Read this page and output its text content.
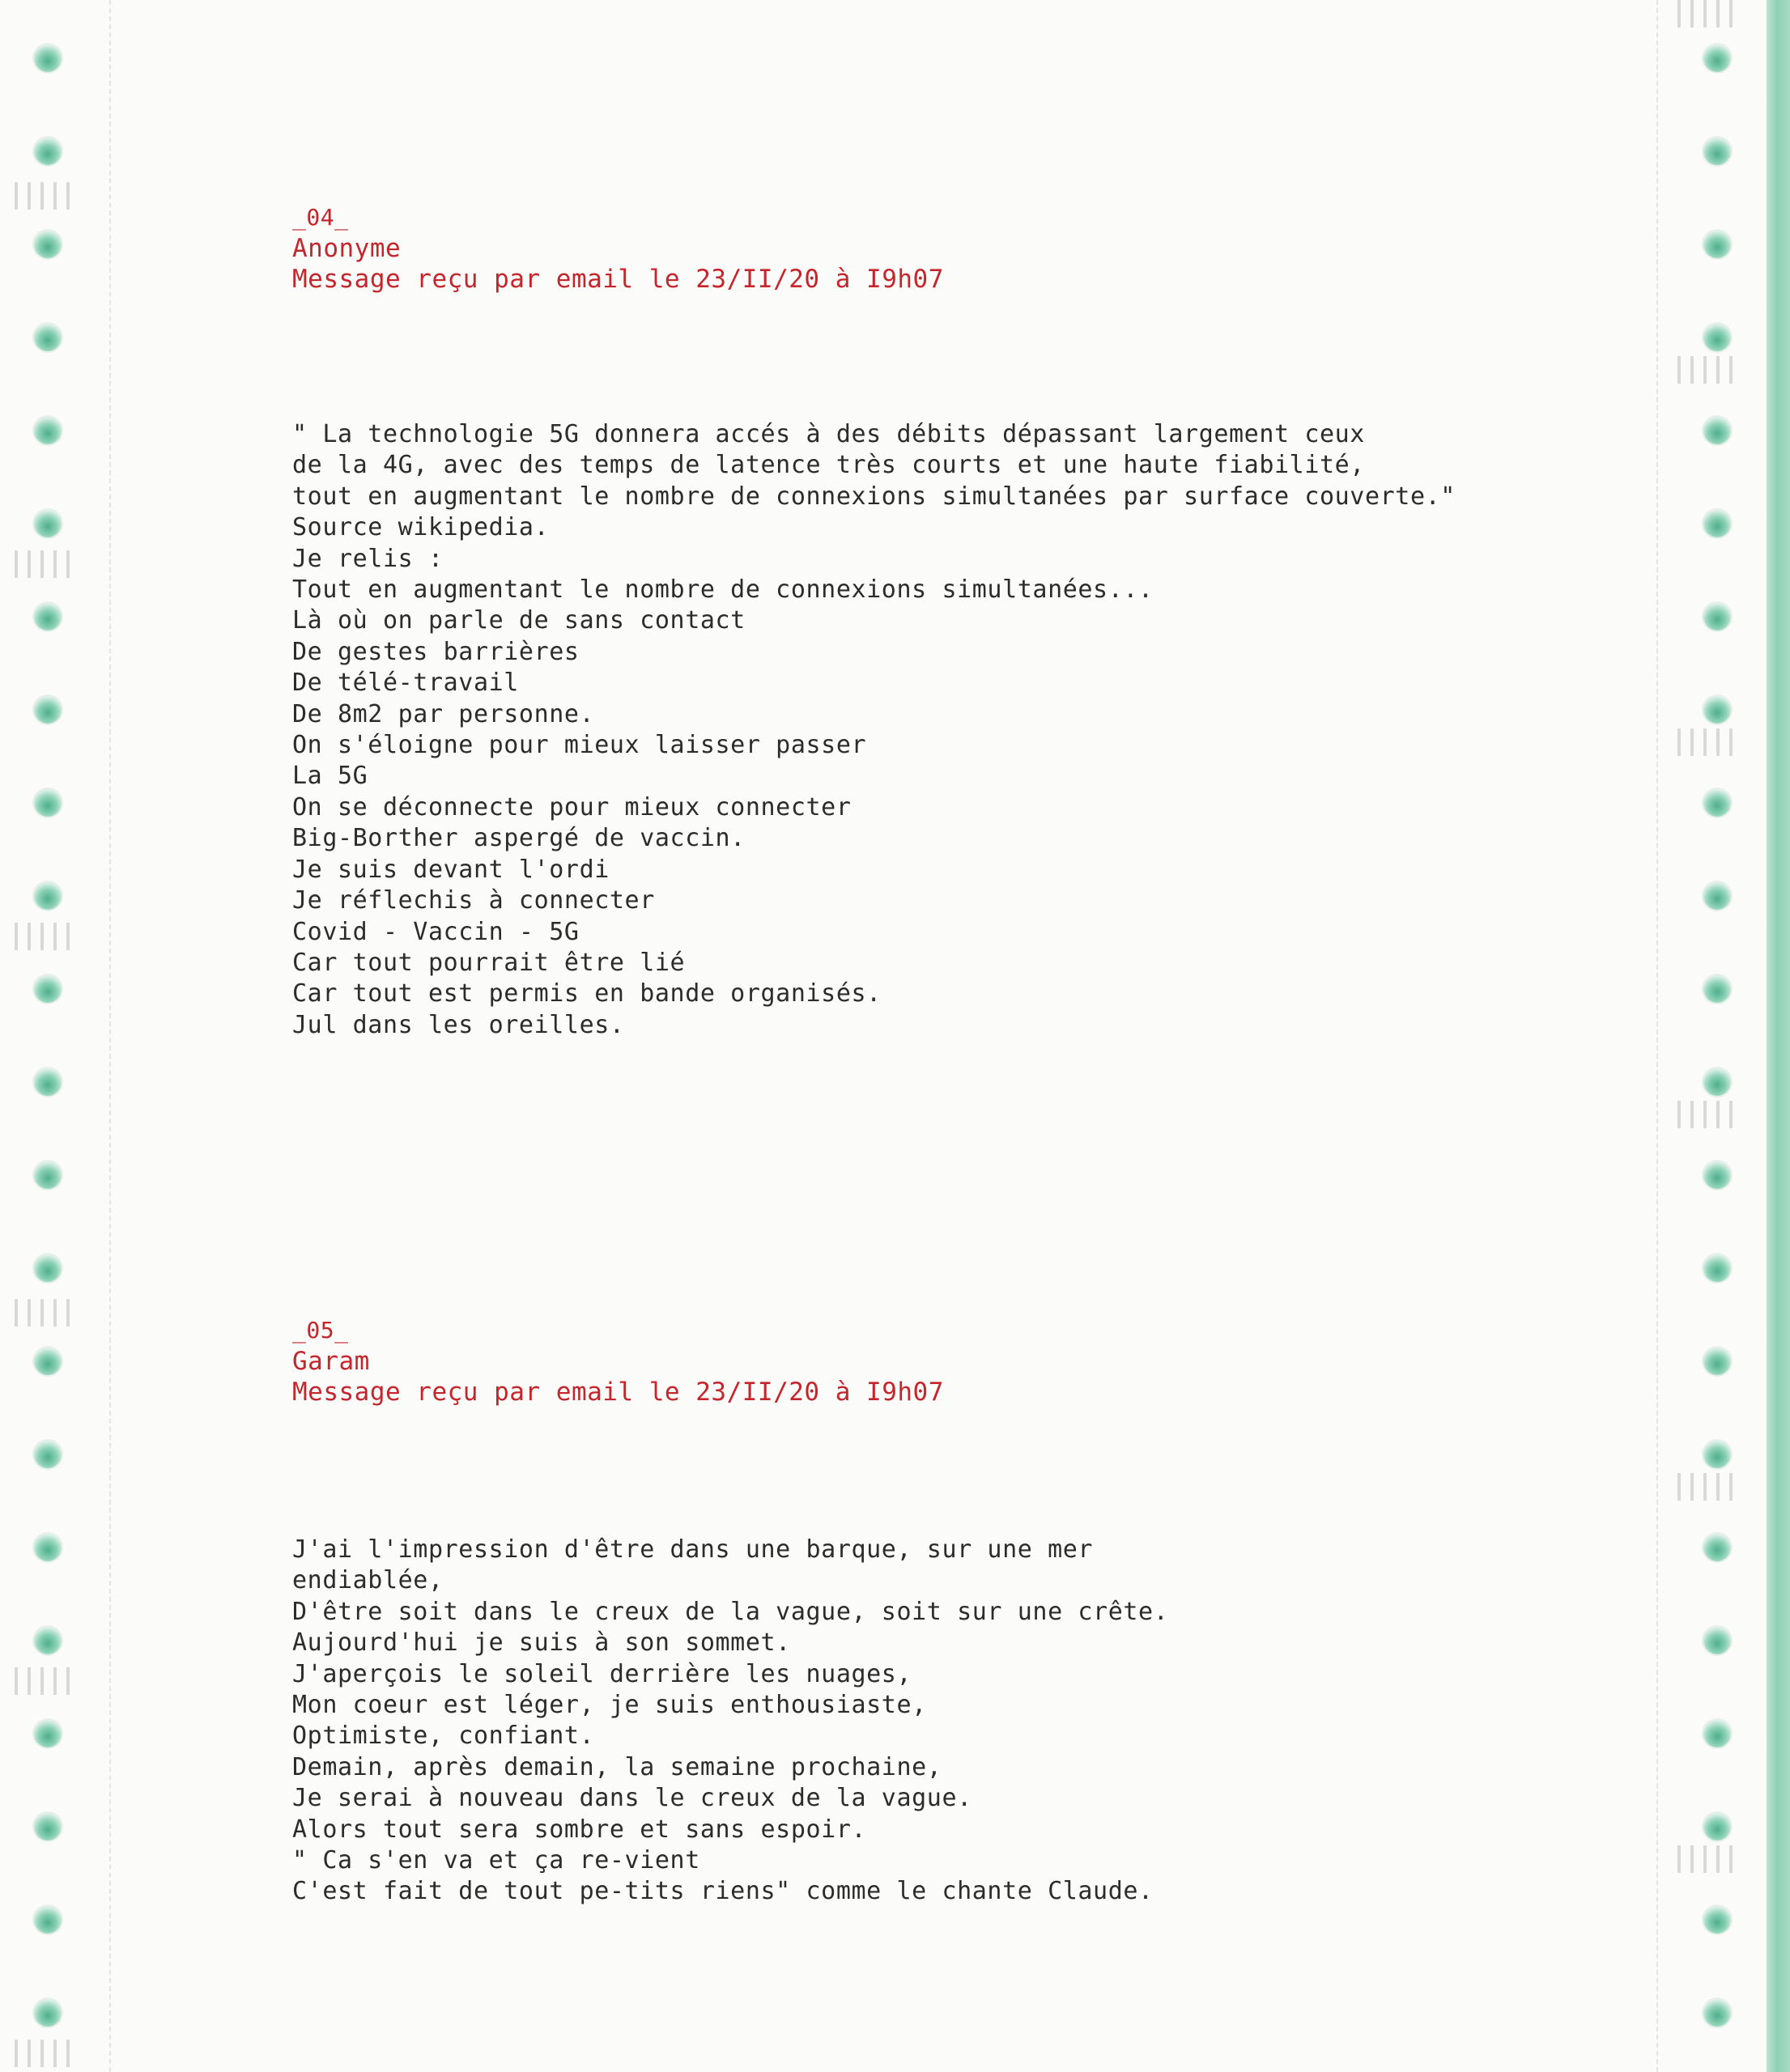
_04_
Anonyme
Message reçu par email le 23/II/20 à I9h07
" La technologie 5G donnera accés à des débits dépassant largement ceux
de la 4G, avec des temps de latence très courts et une haute fiabilité,
tout en augmentant le nombre de connexions simultanées par surface couverte."
Source wikipedia.
Je relis :
Tout en augmentant le nombre de connexions simultanées...
Là où on parle de sans contact
De gestes barrières
De télé-travail
De 8m2 par personne.
On s'éloigne pour mieux laisser passer
La 5G
On se déconnecte pour mieux connecter
Big-Borther aspergé de vaccin.
Je suis devant l'ordi
Je réflechis à connecter
Covid - Vaccin - 5G
Car tout pourrait être lié
Car tout est permis en bande organisés.
Jul dans les oreilles.
_05_
Garam
Message reçu par email le 23/II/20 à I9h07
J'ai l'impression d'être dans une barque, sur une mer
endiablée,
D'être soit dans le creux de la vague, soit sur une crête.
Aujourd'hui je suis à son sommet.
J'aperçois le soleil derrière les nuages,
Mon coeur est léger, je suis enthousiaste,
Optimiste, confiant.
Demain, après demain, la semaine prochaine,
Je serai à nouveau dans le creux de la vague.
Alors tout sera sombre et sans espoir.
" Ca s'en va et ça re-vient
C'est fait de tout pe-tits riens" comme le chante Claude.
